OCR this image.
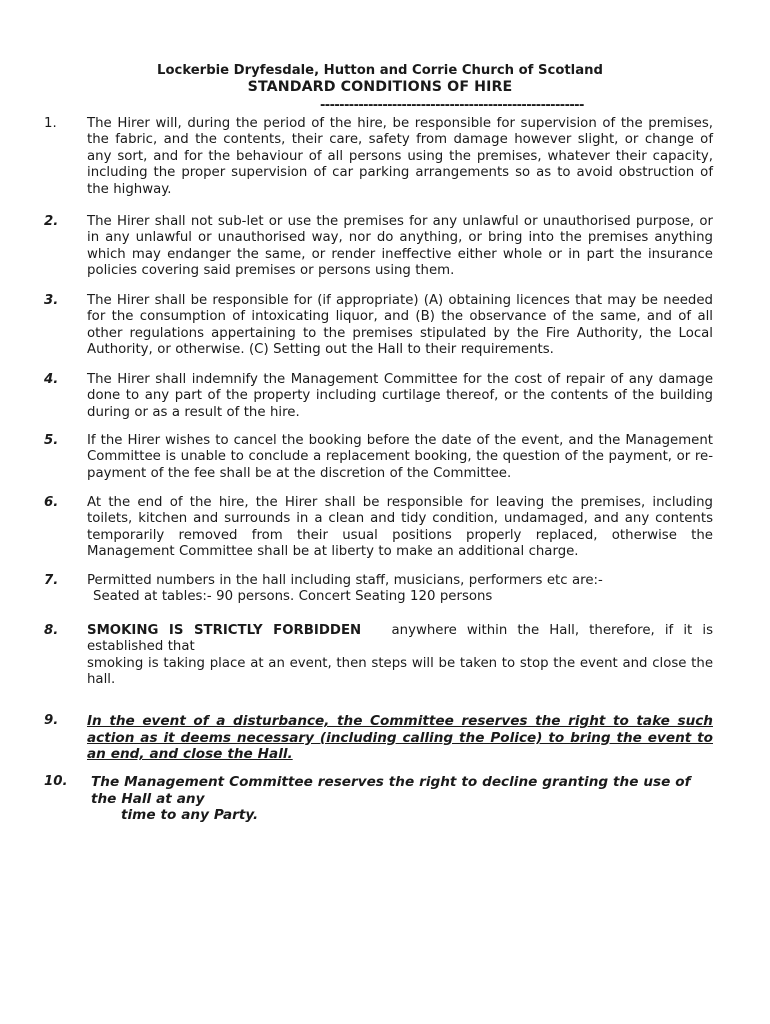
Lockerbie Dryfesdale, Hutton and Corrie Church of Scotland
STANDARD CONDITIONS OF HIRE
-------------------------------------------------------
1. The Hirer will, during the period of the hire, be responsible for supervision of the premises, the fabric, and the contents, their care, safety from damage however slight, or change of any sort, and for the behaviour of all persons using the premises, whatever their capacity, including the proper supervision of car parking arrangements so as to avoid obstruction of the highway.
2. The Hirer shall not sub-let or use the premises for any unlawful or unauthorised purpose, or in any unlawful or unauthorised way, nor do anything, or bring into the premises anything which may endanger the same, or render ineffective either whole or in part the insurance policies covering said premises or persons using them.
3. The Hirer shall be responsible for (if appropriate) (A) obtaining licences that may be needed for the consumption of intoxicating liquor, and (B) the observance of the same, and of all other regulations appertaining to the premises stipulated by the Fire Authority, the Local Authority, or otherwise. (C) Setting out the Hall to their requirements.
4. The Hirer shall indemnify the Management Committee for the cost of repair of any damage done to any part of the property including curtilage thereof, or the contents of the building during or as a result of the hire.
5. If the Hirer wishes to cancel the booking before the date of the event, and the Management Committee is unable to conclude a replacement booking, the question of the payment, or re-payment of the fee shall be at the discretion of the Committee.
6. At the end of the hire, the Hirer shall be responsible for leaving the premises, including toilets, kitchen and surrounds in a clean and tidy condition, undamaged, and any contents temporarily removed from their usual positions properly replaced, otherwise the Management Committee shall be at liberty to make an additional charge.
7. Permitted numbers in the hall including staff, musicians, performers etc are:-
Seated at tables:- 90 persons. Concert Seating 120 persons
8. SMOKING IS STRICTLY FORBIDDEN anywhere within the Hall, therefore, if it is established that
smoking is taking place at an event, then steps will be taken to stop the event and close the hall.
9. In the event of a disturbance, the Committee reserves the right to take such action as it deems necessary (including calling the Police) to bring the event to an end, and close the Hall.
10. The Management Committee reserves the right to decline granting the use of the Hall at any
time to any Party.
